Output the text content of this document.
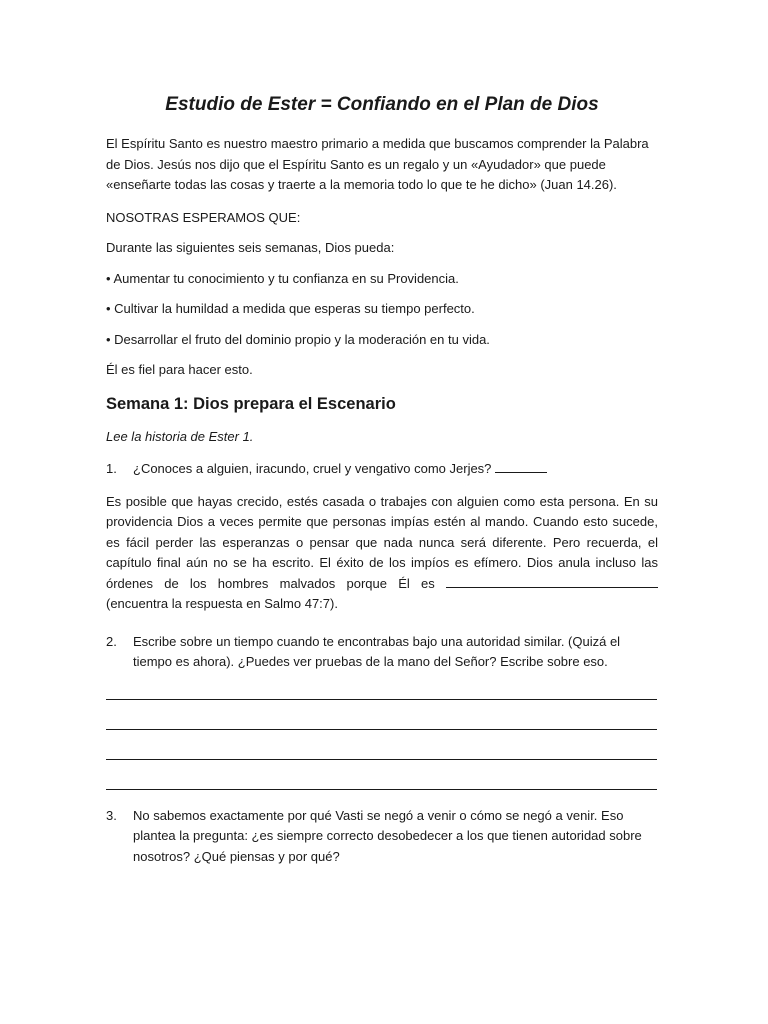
Estudio de Ester = Confiando en el Plan de Dios

El Espíritu Santo es nuestro maestro primario a medida que buscamos comprender la Palabra de Dios. Jesús nos dijo que el Espíritu Santo es un regalo y un «Ayudador» que puede «enseñarte todas las cosas y traerte a la memoria todo lo que te he dicho» (Juan 14.26).

NOSOTRAS ESPERAMOS QUE:

Durante las siguientes seis semanas, Dios pueda:

• Aumentar tu conocimiento y tu confianza en su Providencia.

• Cultivar la humildad a medida que esperas su tiempo perfecto.

• Desarrollar el fruto del dominio propio y la moderación en tu vida.

Él es fiel para hacer esto.

Semana 1: Dios prepara el Escenario

Lee la historia de Ester 1.

1.	¿Conoces a alguien, iracundo, cruel y vengativo como Jerjes?

Es posible que hayas crecido, estés casada o trabajes con alguien como esta persona. En su providencia Dios a veces permite que personas impías estén al mando. Cuando esto sucede, es fácil perder las esperanzas o pensar que nada nunca será diferente. Pero recuerda, el capítulo final aún no se ha escrito. El éxito de los impíos es efímero. Dios anula incluso las órdenes de los hombres malvados porque Él es  (encuentra la respuesta en Salmo 47:7).

2.	Escribe sobre un tiempo cuando te encontrabas bajo una autoridad similar. (Quizá el tiempo es ahora). ¿Puedes ver pruebas de la mano del Señor? Escribe sobre eso.
3.	No sabemos exactamente por qué Vasti se negó a venir o cómo se negó a venir. Eso plantea la pregunta: ¿es siempre correcto desobedecer a los que tienen autoridad sobre nosotros? ¿Qué piensas y por qué?
